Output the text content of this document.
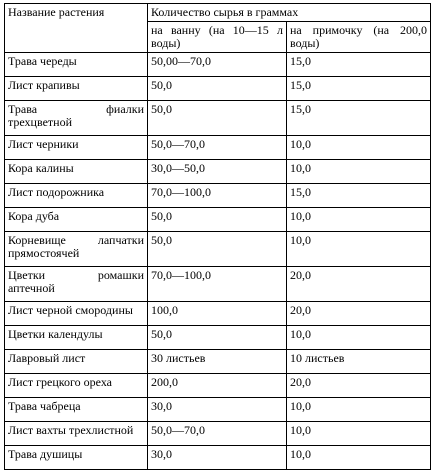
Название растения	Количество сырья в граммах	

	на ванну (на 10—15 л воды)	на примочку (на 200,0 воды)

Трава череды	50,00—70,0	15,0
Лист крапивы	50,0	15,0

Трава фиалки
трехцветной	50,0	15,0
Лист черники	50,0—70,0	10,0
Кора калины	30,0—50,0	10,0
Лист подорожника	70,0—100,0	15,0
Кора дуба	50,0	10,0

Корневище лапчатки
прямостоячей	50,0	10,0

Цветки ромашки
аптечной	70,0—100,0	20,0
Лист черной смородины	100,0	20,0
Цветки календулы	50,0	10,0
Лавровый лист	30 листьев	10 листьев
Лист грецкого ореха	200,0	20,0
Трава чабреца	30,0	10,0
Лист вахты трехлистной	50,0—70,0	10,0
Трава душицы	30,0	10,0
